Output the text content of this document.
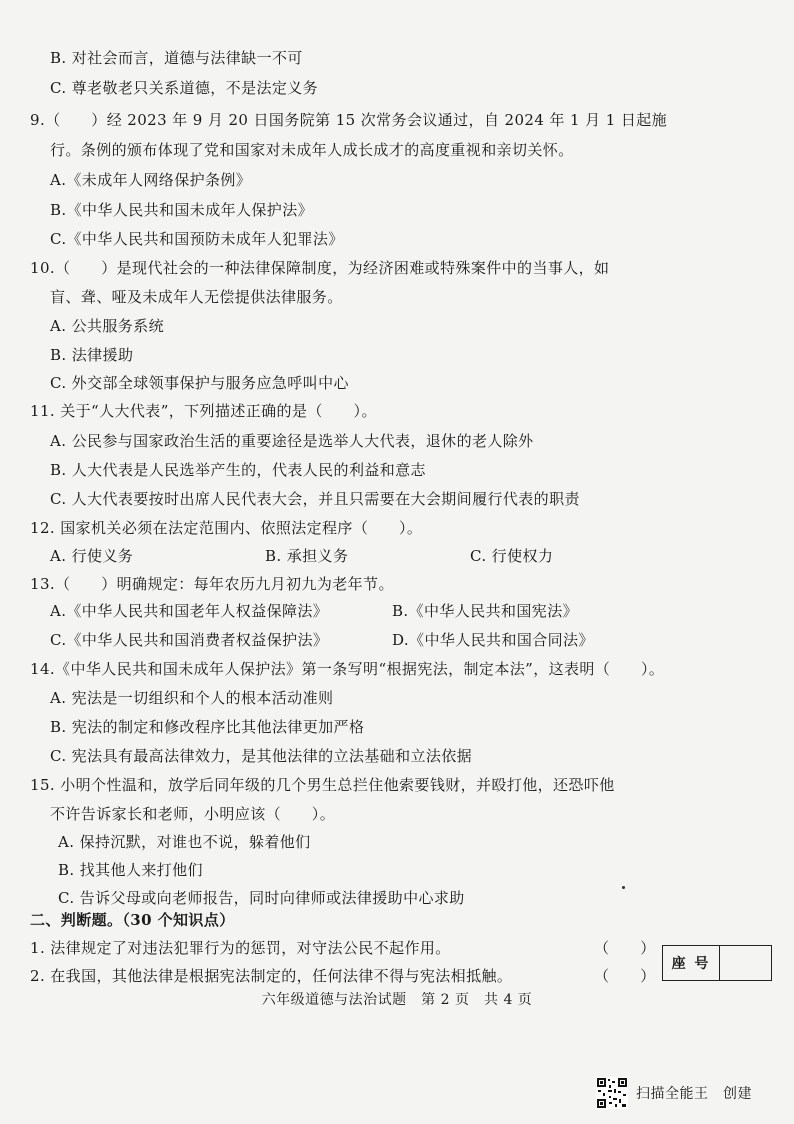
B. 对社会而言，道德与法律缺一不可
C. 尊老敬老只关系道德，不是法定义务
9.（　　）经 2023 年 9 月 20 日国务院第 15 次常务会议通过，自 2024 年 1 月 1 日起施
行。条例的颁布体现了党和国家对未成年人成长成才的高度重视和亲切关怀。
A.《未成年人网络保护条例》
B.《中华人民共和国未成年人保护法》
C.《中华人民共和国预防未成年人犯罪法》
10.（　　）是现代社会的一种法律保障制度，为经济困难或特殊案件中的当事人，如
盲、聋、哑及未成年人无偿提供法律服务。
A. 公共服务系统
B. 法律援助
C. 外交部全球领事保护与服务应急呼叫中心
11. 关于“人大代表”，下列描述正确的是（　　）。
A. 公民参与国家政治生活的重要途径是选举人大代表，退休的老人除外
B. 人大代表是人民选举产生的，代表人民的利益和意志
C. 人大代表要按时出席人民代表大会，并且只需要在大会期间履行代表的职责
12. 国家机关必须在法定范围内、依照法定程序（　　）。
A. 行使义务	B. 承担义务	C. 行使权力
13.（　　）明确规定：每年农历九月初九为老年节。
A.《中华人民共和国老年人权益保障法》	B.《中华人民共和国宪法》
C.《中华人民共和国消费者权益保护法》	D.《中华人民共和国合同法》
14.《中华人民共和国未成年人保护法》第一条写明“根据宪法，制定本法”，这表明（　　）。
A. 宪法是一切组织和个人的根本活动准则
B. 宪法的制定和修改程序比其他法律更加严格
C. 宪法具有最高法律效力，是其他法律的立法基础和立法依据
15. 小明个性温和，放学后同年级的几个男生总拦住他索要钱财，并殴打他，还恐吓他
不许告诉家长和老师，小明应该（　　）。
A. 保持沉默，对谁也不说，躲着他们
B. 找其他人来打他们
C. 告诉父母或向老师报告，同时向律师或法律援助中心求助
二、判断题。（30 个知识点）
1. 法律规定了对违法犯罪行为的惩罚，对守法公民不起作用。
2. 在我国，其他法律是根据宪法制定的，任何法律不得与宪法相抵触。
（　　）
（　　）
座 号
六年级道德与法治试题　第 2 页　共 4 页
扫描全能王　创建
